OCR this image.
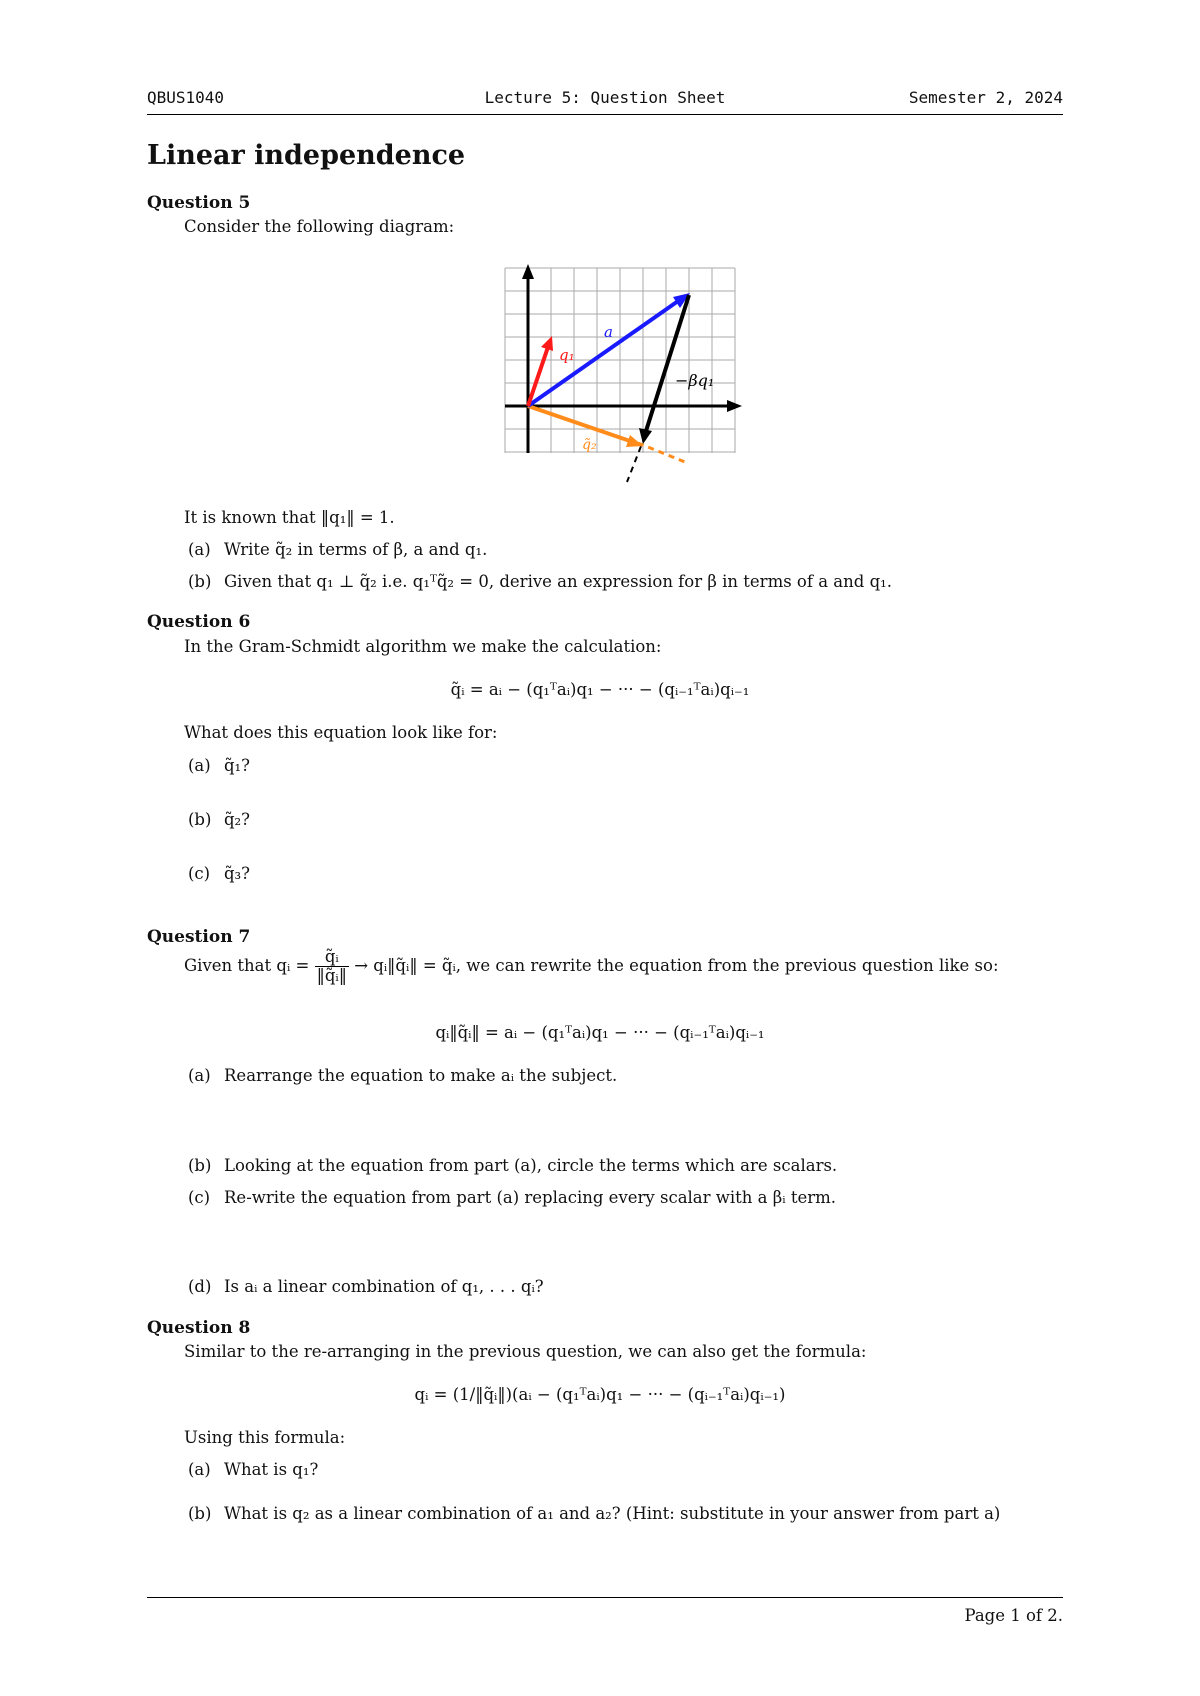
QBUS1040	Lecture 5: Question Sheet	Semester 2, 2024
Linear independence
Question 5
Consider the following diagram:
a
q₁
−βq₁
q̃₂
It is known that ‖q₁‖ = 1.
(a) Write q̃₂ in terms of β, a and q₁.
(b) Given that q₁ ⊥ q̃₂ i.e. q₁ᵀq̃₂ = 0, derive an expression for β in terms of a and q₁.
Question 6
In the Gram-Schmidt algorithm we make the calculation:
q̃ᵢ = aᵢ − (q₁ᵀaᵢ)q₁ − ··· − (qᵢ₋₁ᵀaᵢ)qᵢ₋₁
What does this equation look like for:
(a) q̃₁?
(b) q̃₂?
(c) q̃₃?
Question 7
Given that qᵢ = $\frac{\text{q̃ᵢ}}{\text{‖q̃ᵢ‖}}$ → qᵢ‖q̃ᵢ‖ = q̃ᵢ, we can rewrite the equation from the previous question like so:
qᵢ‖q̃ᵢ‖ = aᵢ − (q₁ᵀaᵢ)q₁ − ··· − (qᵢ₋₁ᵀaᵢ)qᵢ₋₁
(a) Rearrange the equation to make aᵢ the subject.
(b) Looking at the equation from part (a), circle the terms which are scalars.
(c) Re-write the equation from part (a) replacing every scalar with a βᵢ term.
(d) Is aᵢ a linear combination of q₁, . . . qᵢ?
Question 8
Similar to the re-arranging in the previous question, we can also get the formula:
qᵢ = (1/‖q̃ᵢ‖)(aᵢ − (q₁ᵀaᵢ)q₁ − ··· − (qᵢ₋₁ᵀaᵢ)qᵢ₋₁)
Using this formula:
(a) What is q₁?
(b) What is q₂ as a linear combination of a₁ and a₂? (Hint: substitute in your answer from part a)
Page 1 of 2.
